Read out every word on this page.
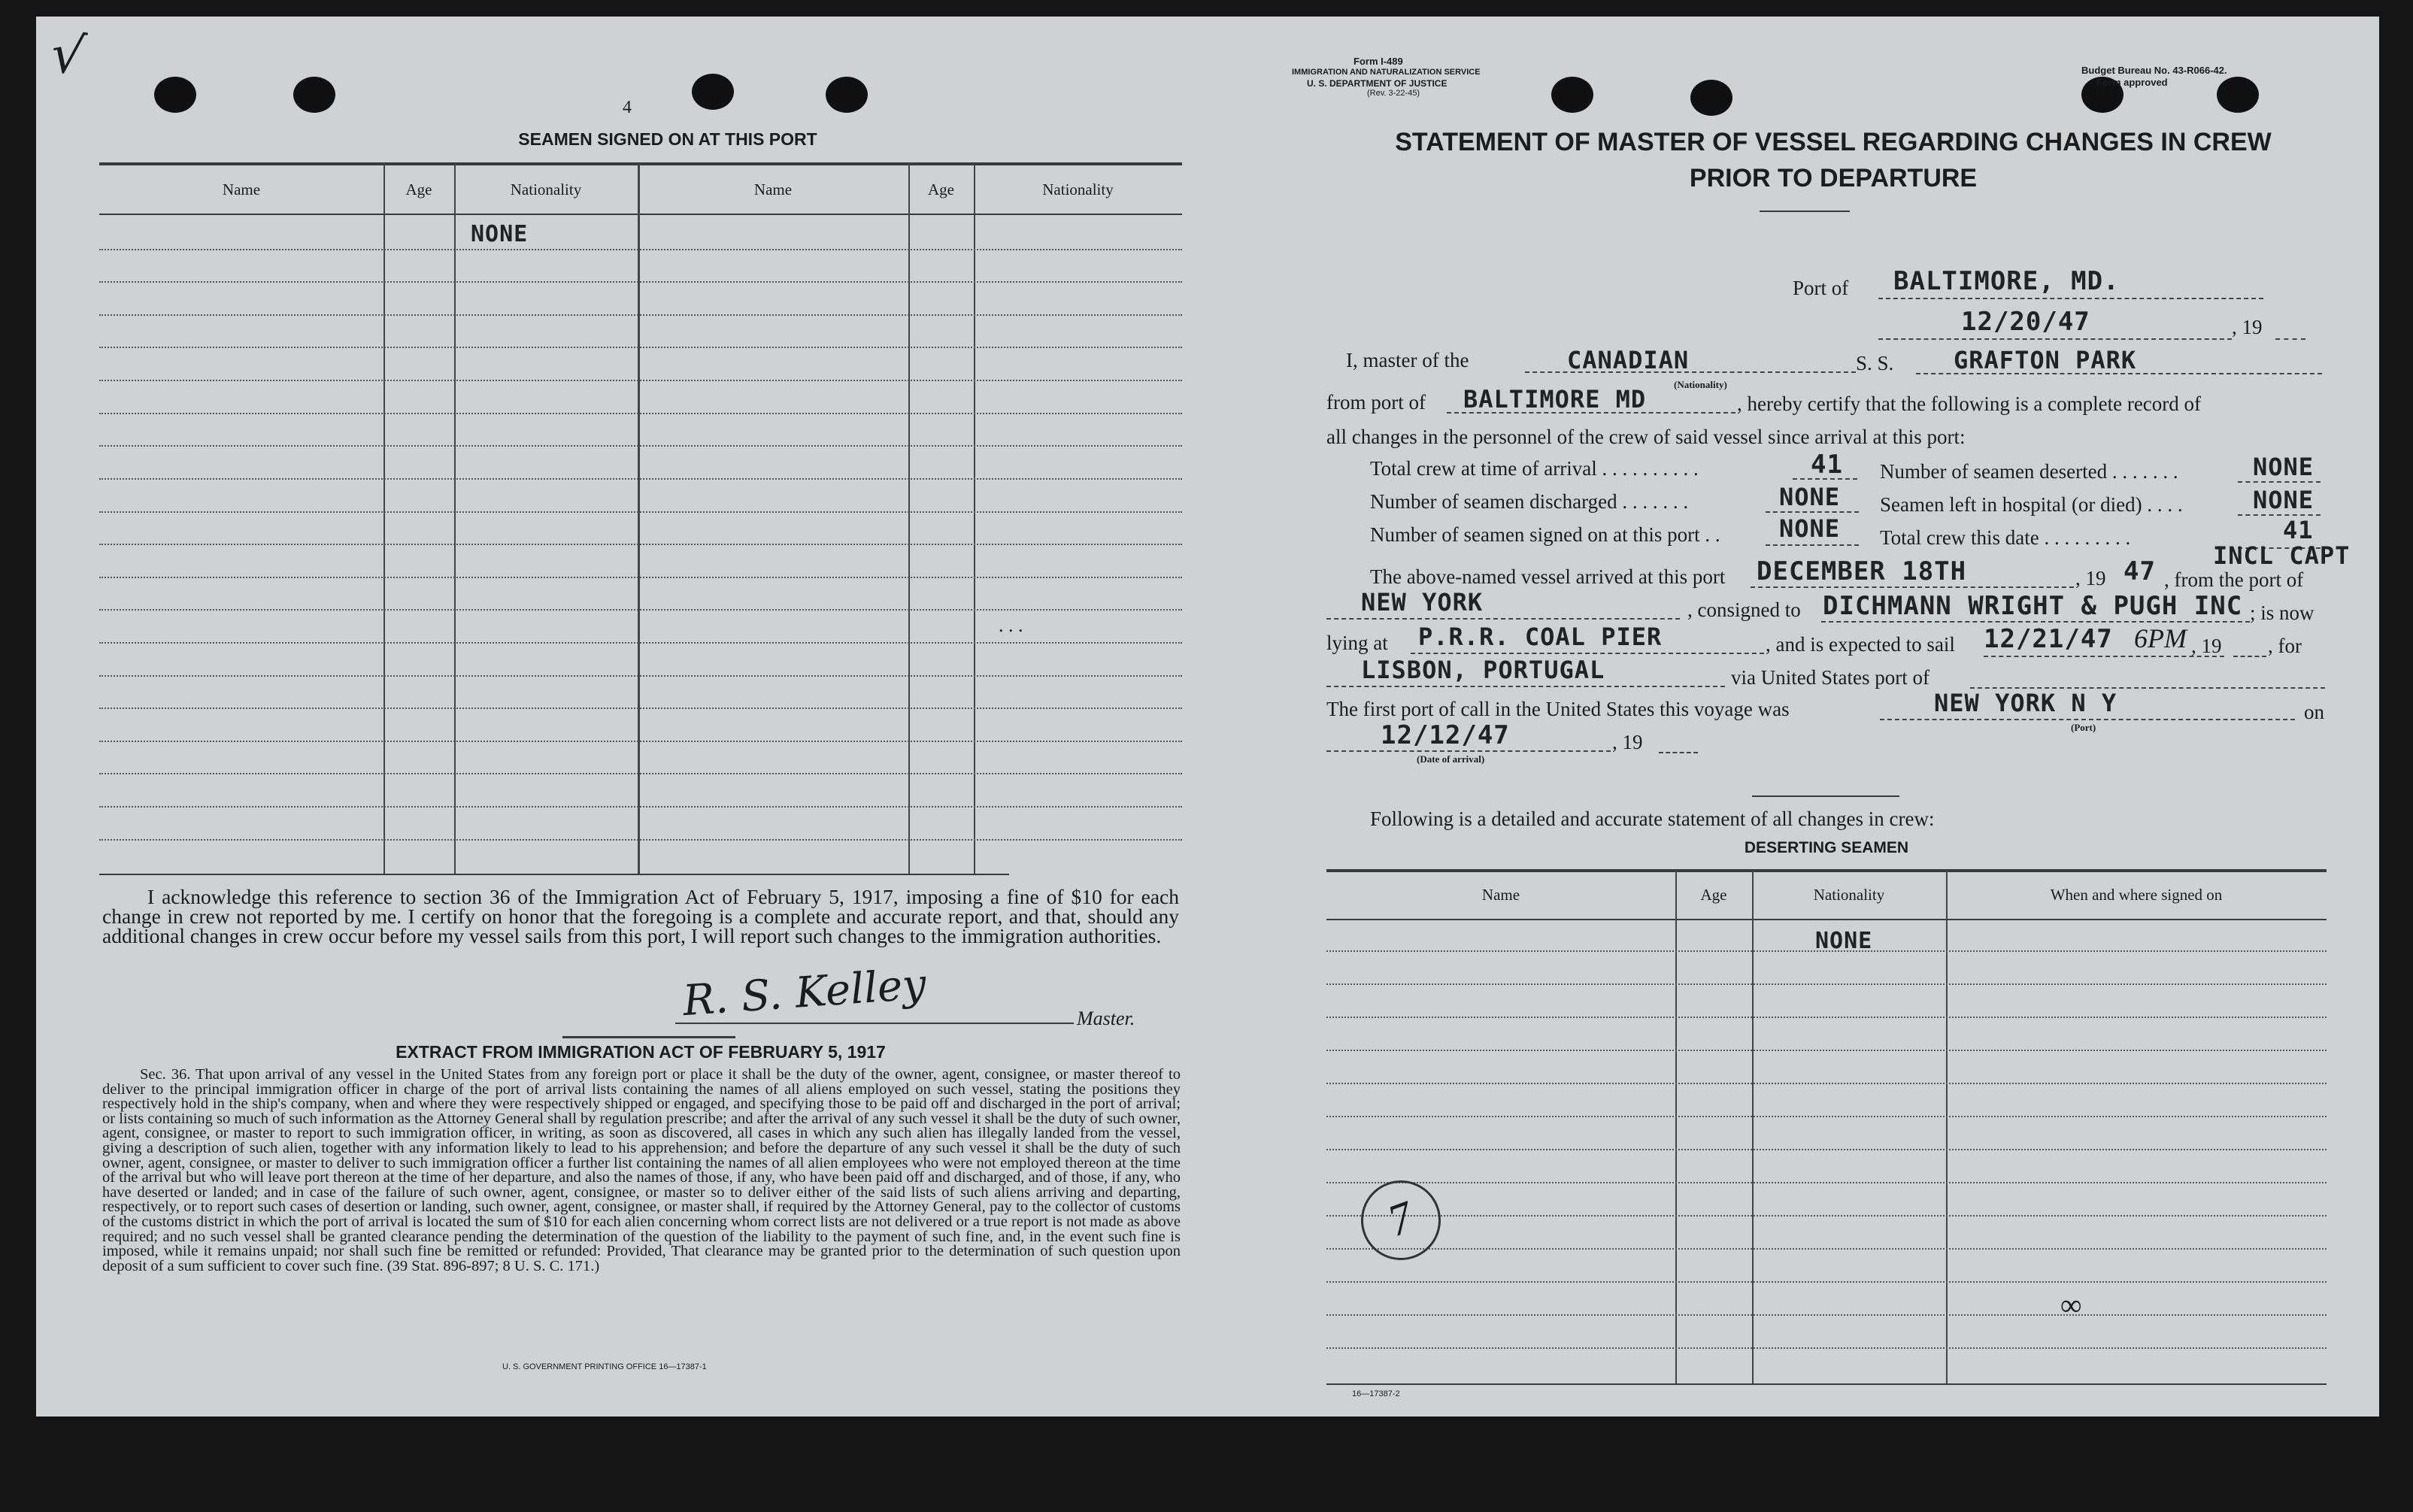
√
4
SEAMEN SIGNED ON AT THIS PORT
Name	Age	Nationality	Name	Age	Nationality
NONE
. . .
I acknowledge this reference to section 36 of the Immigration Act of February 5, 1917, imposing a fine of $10 for each change in crew not reported by me. I certify on honor that the foregoing is a complete and accurate report, and that, should any additional changes in crew occur before my vessel sails from this port, I will report such changes to the immigration authorities.
R. S. Kelley	Master.
EXTRACT FROM IMMIGRATION ACT OF FEBRUARY 5, 1917
Sec. 36. That upon arrival of any vessel in the United States from any foreign port or place it shall be the duty of the owner, agent, consignee, or master thereof to deliver to the principal immigration officer in charge of the port of arrival lists containing the names of all aliens employed on such vessel, stating the positions they respectively hold in the ship's company, when and where they were respectively shipped or engaged, and specifying those to be paid off and discharged in the port of arrival; or lists containing so much of such information as the Attorney General shall by regulation prescribe; and after the arrival of any such vessel it shall be the duty of such owner, agent, consignee, or master to report to such immigration officer, in writing, as soon as discovered, all cases in which any such alien has illegally landed from the vessel, giving a description of such alien, together with any information likely to lead to his apprehension; and before the departure of any such vessel it shall be the duty of such owner, agent, consignee, or master to deliver to such immigration officer a further list containing the names of all alien employees who were not employed thereon at the time of the arrival but who will leave port thereon at the time of her departure, and also the names of those, if any, who have been paid off and discharged, and of those, if any, who have deserted or landed; and in case of the failure of such owner, agent, consignee, or master so to deliver either of the said lists of such aliens arriving and departing, respectively, or to report such cases of desertion or landing, such owner, agent, consignee, or master shall, if required by the Attorney General, pay to the collector of customs of the customs district in which the port of arrival is located the sum of $10 for each alien concerning whom correct lists are not delivered or a true report is not made as above required; and no such vessel shall be granted clearance pending the determination of the question of the liability to the payment of such fine, and, in the event such fine is imposed, while it remains unpaid; nor shall such fine be remitted or refunded: Provided, That clearance may be granted prior to the determination of such question upon deposit of a sum sufficient to cover such fine. (39 Stat. 896-897; 8 U. S. C. 171.)
U. S. GOVERNMENT PRINTING OFFICE 16—17387-1
Form I-489
IMMIGRATION AND NATURALIZATION SERVICE
U. S. DEPARTMENT OF JUSTICE
(Rev. 3-22-45)
Budget Bureau No. 43-R066-42.
Form approved
STATEMENT OF MASTER OF VESSEL REGARDING CHANGES IN CREW
PRIOR TO DEPARTURE
Port of BALTIMORE, MD.
12/20/47	, 19
I, master of the	CANADIAN
(Nationality)
S. S. GRAFTON PARK
from port of BALTIMORE MD	, hereby certify that the following is a complete record of
all changes in the personnel of the crew of said vessel since arrival at this port:
Total crew at time of arrival . . . . . . . . . .	41 Number of seamen deserted . . . . . . .	NONE
Number of seamen discharged . . . . . . .	NONE Seamen left in hospital (or died) . . . .	NONE
Number of seamen signed on at this port . . NONE Total crew this date . . . . . . . . .	41
INCL CAPT
The above-named vessel arrived at this port DECEMBER 18TH	, 19 47 , from the port of
NEW YORK	, consigned to DICHMANN WRIGHT & PUGH INC ; is now
lying at P.R.R. COAL PIER	, and is expected to sail 12/21/47 6PM , 19 , for
LISBON, PORTUGAL	via United States port of
The first port of call in the United States this voyage was	NEW YORK N Y
(Port)
on
12/12/47
(Date of arrival)
, 19
Following is a detailed and accurate statement of all changes in crew:
DESERTING SEAMEN
Name	Age	Nationality	When and where signed on
NONE
7
∞
16—17387-2
